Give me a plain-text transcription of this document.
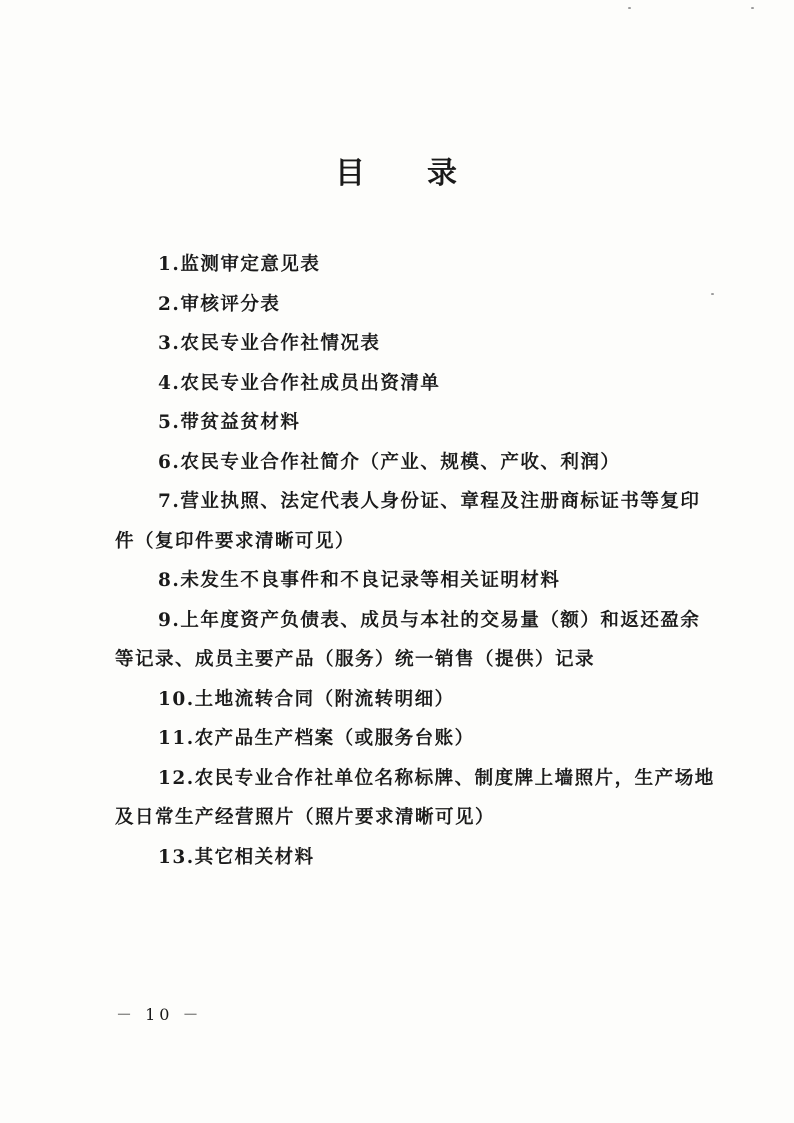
目 录
1.监测审定意见表
2.审核评分表
3.农民专业合作社情况表
4.农民专业合作社成员出资清单
5.带贫益贫材料
6.农民专业合作社简介（产业、规模、产收、利润）
7.营业执照、法定代表人身份证、章程及注册商标证书等复印件（复印件要求清晰可见）
8.未发生不良事件和不良记录等相关证明材料
9.上年度资产负债表、成员与本社的交易量（额）和返还盈余等记录、成员主要产品（服务）统一销售（提供）记录
10.土地流转合同（附流转明细）
11.农产品生产档案（或服务台账）
12.农民专业合作社单位名称标牌、制度牌上墙照片，生产场地及日常生产经营照片（照片要求清晰可见）
13.其它相关材料
－ 10 －
